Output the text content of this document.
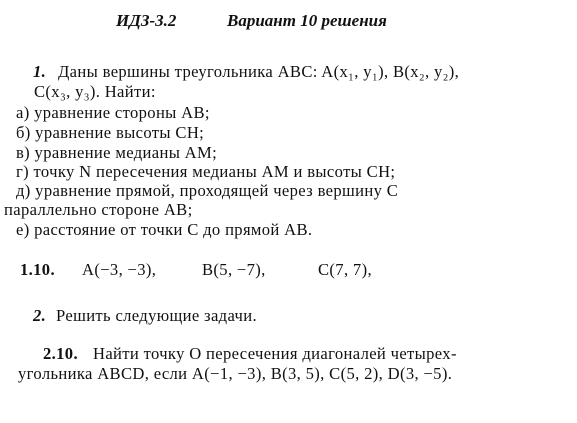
ИДЗ-3.2	Вариант 10 решения
1. Даны вершины треугольника ABC: A(x₁, y₁), B(x₂, y₂),
C(x₃, y₃). Найти:
а) уравнение стороны AB;
б) уравнение высоты CH;
в) уравнение медианы AM;
г) точку N пересечения медианы AM и высоты CH;
д) уравнение прямой, проходящей через вершину C
параллельно стороне AB;
е) расстояние от точки C до прямой AB.
1.10. A(−3, −3),	B(5, −7),	C(7, 7),
2. Решить следующие задачи.
2.10. Найти точку O пересечения диагоналей четырех-
угольника ABCD, если A(−1, −3), B(3, 5), C(5, 2), D(3, −5).
